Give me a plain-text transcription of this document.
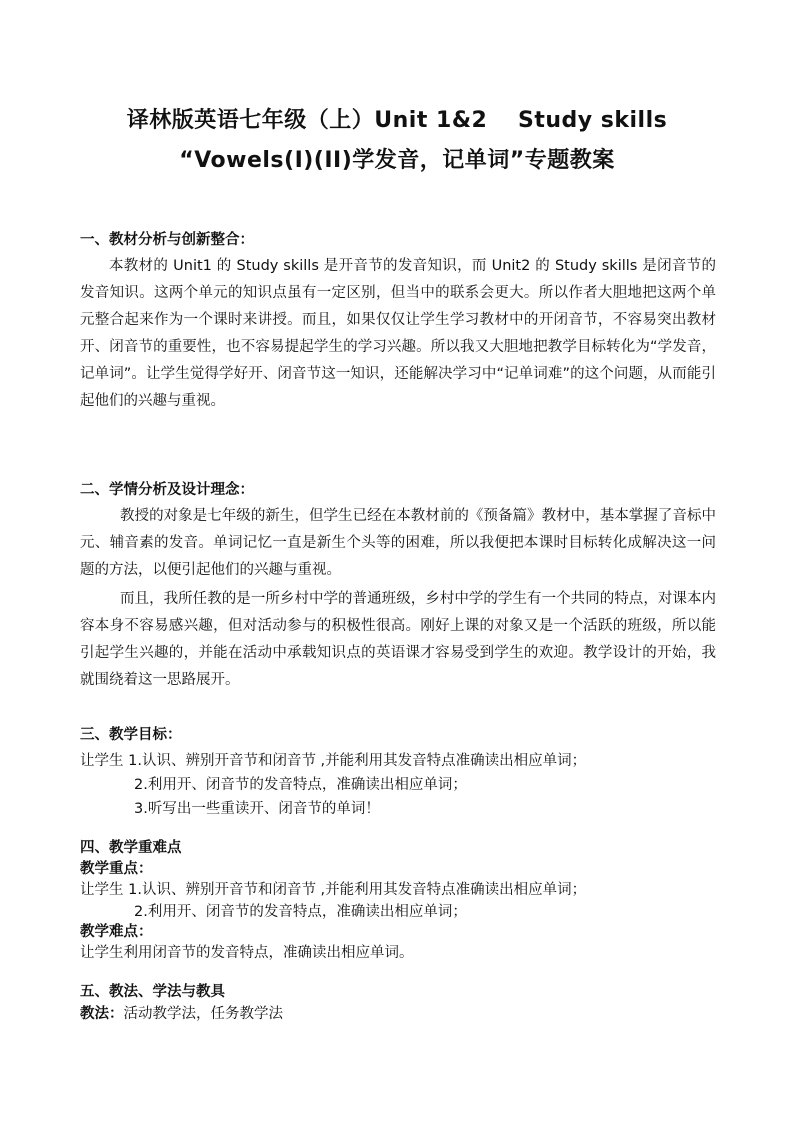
译林版英语七年级（上）Unit 1&2　 Study skills
“Vowels(I)(II)学发音，记单词”专题教案
一、教材分析与创新整合：
本教材的 Unit1 的 Study skills 是开音节的发音知识，而 Unit2 的 Study skills 是闭音节的发音知识。这两个单元的知识点虽有一定区别，但当中的联系会更大。所以作者大胆地把这两个单元整合起来作为一个课时来讲授。而且，如果仅仅让学生学习教材中的开闭音节，不容易突出教材开、闭音节的重要性，也不容易提起学生的学习兴趣。所以我又大胆地把教学目标转化为“学发音，记单词”。让学生觉得学好开、闭音节这一知识，还能解决学习中“记单词难”的这个问题，从而能引起他们的兴趣与重视。
二、学情分析及设计理念：
教授的对象是七年级的新生，但学生已经在本教材前的《预备篇》教材中，基本掌握了音标中元、辅音素的发音。单词记忆一直是新生个头等的困难，所以我便把本课时目标转化成解决这一问题的方法，以便引起他们的兴趣与重视。
而且，我所任教的是一所乡村中学的普通班级，乡村中学的学生有一个共同的特点，对课本内容本身不容易感兴趣，但对活动参与的积极性很高。刚好上课的对象又是一个活跃的班级，所以能引起学生兴趣的，并能在活动中承载知识点的英语课才容易受到学生的欢迎。教学设计的开始，我就围绕着这一思路展开。
三、教学目标：
让学生 1.认识、辨别开音节和闭音节 ,并能利用其发音特点准确读出相应单词；
2.利用开、闭音节的发音特点，准确读出相应单词；
3.听写出一些重读开、闭音节的单词！
四、教学重难点
教学重点：
让学生 1.认识、辨别开音节和闭音节 ,并能利用其发音特点准确读出相应单词；
2.利用开、闭音节的发音特点，准确读出相应单词；
教学难点：
让学生利用闭音节的发音特点，准确读出相应单词。
五、教法、学法与教具
教法：活动教学法，任务教学法
